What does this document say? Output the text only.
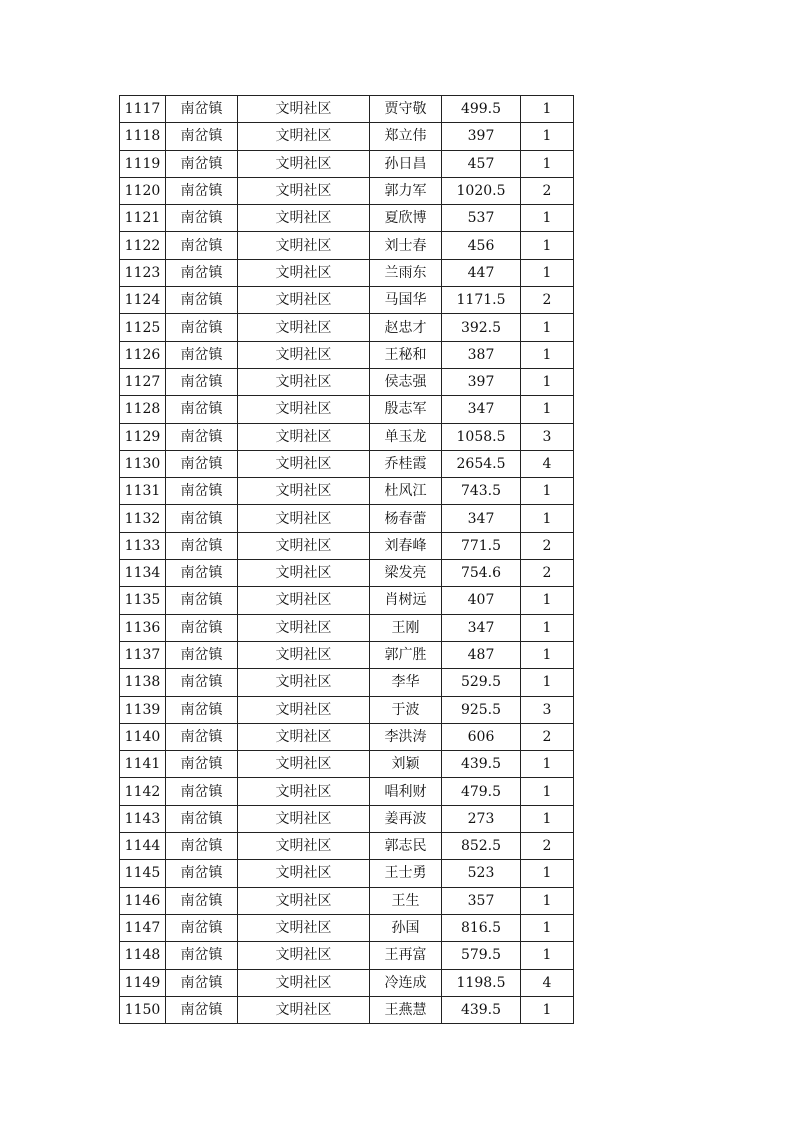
1117	南岔镇	文明社区	贾守敬	499.5	1
1118	南岔镇	文明社区	郑立伟	397	1
1119	南岔镇	文明社区	孙日昌	457	1
1120	南岔镇	文明社区	郭力军	1020.5	2
1121	南岔镇	文明社区	夏欣博	537	1
1122	南岔镇	文明社区	刘士春	456	1
1123	南岔镇	文明社区	兰雨东	447	1
1124	南岔镇	文明社区	马国华	1171.5	2
1125	南岔镇	文明社区	赵忠才	392.5	1
1126	南岔镇	文明社区	王秘和	387	1
1127	南岔镇	文明社区	侯志强	397	1
1128	南岔镇	文明社区	殷志军	347	1
1129	南岔镇	文明社区	单玉龙	1058.5	3
1130	南岔镇	文明社区	乔桂霞	2654.5	4
1131	南岔镇	文明社区	杜风江	743.5	1
1132	南岔镇	文明社区	杨春蕾	347	1
1133	南岔镇	文明社区	刘春峰	771.5	2
1134	南岔镇	文明社区	梁发亮	754.6	2
1135	南岔镇	文明社区	肖树远	407	1
1136	南岔镇	文明社区	王刚	347	1
1137	南岔镇	文明社区	郭广胜	487	1
1138	南岔镇	文明社区	李华	529.5	1
1139	南岔镇	文明社区	于波	925.5	3
1140	南岔镇	文明社区	李洪涛	606	2
1141	南岔镇	文明社区	刘颖	439.5	1
1142	南岔镇	文明社区	唱利财	479.5	1
1143	南岔镇	文明社区	姜再波	273	1
1144	南岔镇	文明社区	郭志民	852.5	2
1145	南岔镇	文明社区	王士勇	523	1
1146	南岔镇	文明社区	王生	357	1
1147	南岔镇	文明社区	孙国	816.5	1
1148	南岔镇	文明社区	王再富	579.5	1
1149	南岔镇	文明社区	冷连成	1198.5	4
1150	南岔镇	文明社区	王燕慧	439.5	1
